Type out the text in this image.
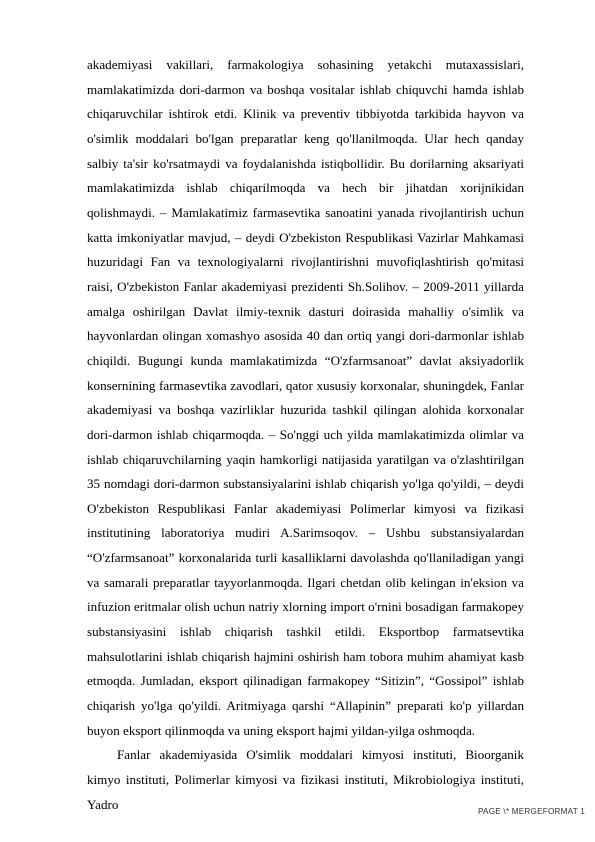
akademiyasi vakillari, farmakologiya sohasining yetakchi mutaxassislari, mamlakatimizda dori-darmon va boshqa vositalar ishlab chiquvchi hamda ishlab chiqaruvchilar ishtirok etdi. Klinik va preventiv tibbiyotda tarkibida hayvon va o'simlik moddalari bo'lgan preparatlar keng qo'llanilmoqda. Ular hech qanday salbiy ta'sir ko'rsatmaydi va foydalanishda istiqbollidir. Bu dorilarning aksariyati mamlakatimizda ishlab chiqarilmoqda va hech bir jihatdan xorijnikidan qolishmaydi. – Mamlakatimiz farmasevtika sanoatini yanada rivojlantirish uchun katta imkoniyatlar mavjud, – deydi O'zbekiston Respublikasi Vazirlar Mahkamasi huzuridagi Fan va texnologiyalarni rivojlantirishni muvofiqlashtirish qo'mitasi raisi, O'zbekiston Fanlar akademiyasi prezidenti Sh.Solihov. – 2009-2011 yillarda amalga oshirilgan Davlat ilmiy-texnik dasturi doirasida mahalliy o'simlik va hayvonlardan olingan xomashyo asosida 40 dan ortiq yangi dori-darmonlar ishlab chiqildi. Bugungi kunda mamlakatimizda “O'zfarmsanoat” davlat aksiyadorlik konsernining farmasevtika zavodlari, qator xususiy korxonalar, shuningdek, Fanlar akademiyasi va boshqa vazirliklar huzurida tashkil qilingan alohida korxonalar dori-darmon ishlab chiqarmoqda. – So'nggi uch yilda mamlakatimizda olimlar va ishlab chiqaruvchilarning yaqin hamkorligi natijasida yaratilgan va o'zlashtirilgan 35 nomdagi dori-darmon substansiyalarini ishlab chiqarish yo'lga qo'yildi, – deydi O'zbekiston Respublikasi Fanlar akademiyasi Polimerlar kimyosi va fizikasi institutining laboratoriya mudiri A.Sarimsoqov. – Ushbu substansiyalardan “O'zfarmsanoat” korxonalarida turli kasalliklarni davolashda qo'llaniladigan yangi va samarali preparatlar tayyorlanmoqda. Ilgari chetdan olib kelingan in'eksion va infuzion eritmalar olish uchun natriy xlorning import o'rnini bosadigan farmakopey substansiyasini ishlab chiqarish tashkil etildi. Eksportbop farmatsevtika mahsulotlarini ishlab chiqarish hajmini oshirish ham tobora muhim ahamiyat kasb etmoqda. Jumladan, eksport qilinadigan farmakopey “Sitizin”, “Gossipol” ishlab chiqarish yo'lga qo'yildi. Aritmiyaga qarshi “Allapinin” preparati ko'p yillardan buyon eksport qilinmoqda va uning eksport hajmi yildan-yilga oshmoqda.

Fanlar akademiyasida O'simlik moddalari kimyosi instituti, Bioorganik kimyo instituti, Polimerlar kimyosi va fizikasi instituti, Mikrobiologiya instituti, Yadro	PAGE \* MERGEFORMAT 1
